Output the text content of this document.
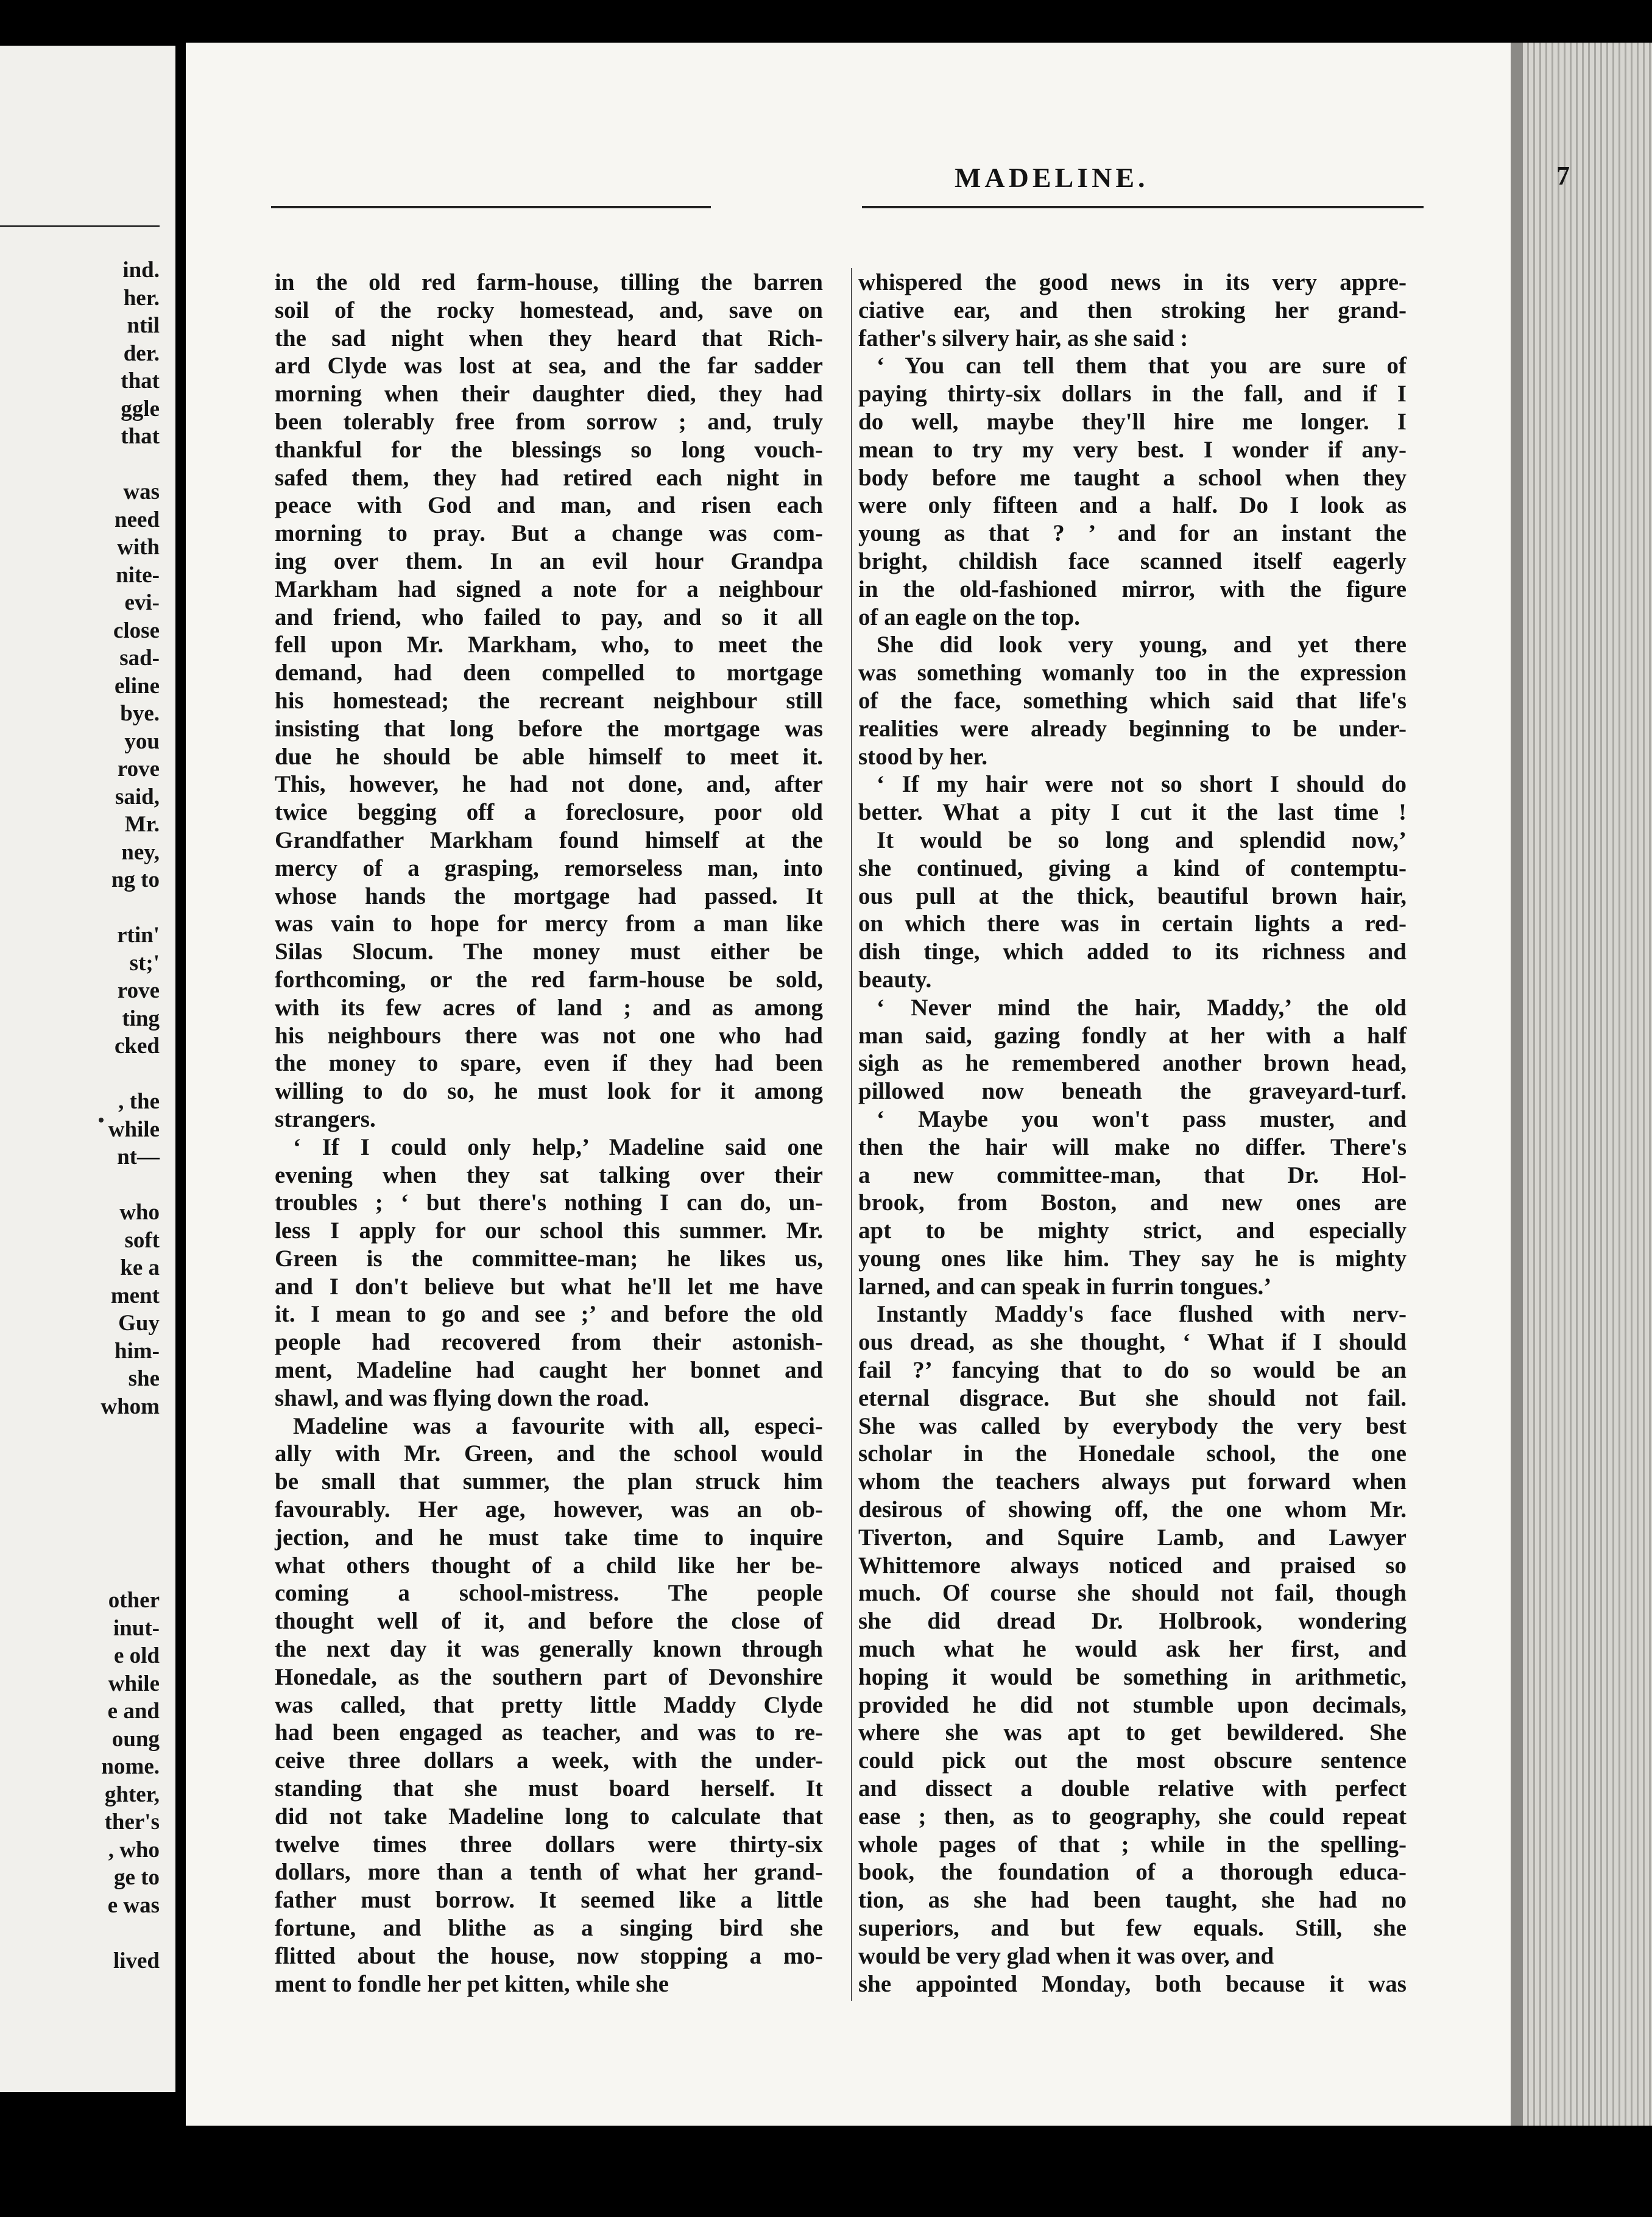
ind.
her.
ntil
der.
that
ggle
that
was
need
with
nite-
evi-
close
sad-
eline
bye.
you
rove
said,
Mr.
ney,
ng to
rtin'
st;'
rove
ting
cked
, the
while
nt—
who
soft
ke a
ment
Guy
him-
she
whom
other
inut-
e old
while
e and
oung
nome.
ghter,
ther's
, who
ge to
e was
lived
MADELINE.	7
in the old red farm-house, tilling the barren
soil of the rocky homestead, and, save on
the sad night when they heard that Rich-
ard Clyde was lost at sea, and the far sadder
morning when their daughter died, they had
been tolerably free from sorrow ; and, truly
thankful for the blessings so long vouch-
safed them, they had retired each night in
peace with God and man, and risen each
morning to pray. But a change was com-
ing over them. In an evil hour Grandpa
Markham had signed a note for a neighbour
and friend, who failed to pay, and so it all
fell upon Mr. Markham, who, to meet the
demand, had deen compelled to mortgage
his homestead; the recreant neighbour still
insisting that long before the mortgage was
due he should be able himself to meet it.
This, however, he had not done, and, after
twice begging off a foreclosure, poor old
Grandfather Markham found himself at the
mercy of a grasping, remorseless man, into
whose hands the mortgage had passed. It
was vain to hope for mercy from a man like
Silas Slocum. The money must either be
forthcoming, or the red farm-house be sold,
with its few acres of land ; and as among
his neighbours there was not one who had
the money to spare, even if they had been
willing to do so, he must look for it among
strangers.
‘ If I could only help,’ Madeline said one
evening when they sat talking over their
troubles ; ‘ but there's nothing I can do, un-
less I apply for our school this summer. Mr.
Green is the committee-man; he likes us,
and I don't believe but what he'll let me have
it. I mean to go and see ;’ and before the old
people had recovered from their astonish-
ment, Madeline had caught her bonnet and
shawl, and was flying down the road.
Madeline was a favourite with all, especi-
ally with Mr. Green, and the school would
be small that summer, the plan struck him
favourably. Her age, however, was an ob-
jection, and he must take time to inquire
what others thought of a child like her be-
coming a school-mistress. The people
thought well of it, and before the close of
the next day it was generally known through
Honedale, as the southern part of Devonshire
was called, that pretty little Maddy Clyde
had been engaged as teacher, and was to re-
ceive three dollars a week, with the under-
standing that she must board herself. It
did not take Madeline long to calculate that
twelve times three dollars were thirty-six
dollars, more than a tenth of what her grand-
father must borrow. It seemed like a little
fortune, and blithe as a singing bird she
flitted about the house, now stopping a mo-
ment to fondle her pet kitten, while she
whispered the good news in its very appre-
ciative ear, and then stroking her grand-
father's silvery hair, as she said :
‘ You can tell them that you are sure of
paying thirty-six dollars in the fall, and if I
do well, maybe they'll hire me longer. I
mean to try my very best. I wonder if any-
body before me taught a school when they
were only fifteen and a half. Do I look as
young as that ? ’ and for an instant the
bright, childish face scanned itself eagerly
in the old-fashioned mirror, with the figure
of an eagle on the top.
She did look very young, and yet there
was something womanly too in the expression
of the face, something which said that life's
realities were already beginning to be under-
stood by her.
‘ If my hair were not so short I should do
better. What a pity I cut it the last time !
It would be so long and splendid now,’
she continued, giving a kind of contemptu-
ous pull at the thick, beautiful brown hair,
on which there was in certain lights a red-
dish tinge, which added to its richness and
beauty.
‘ Never mind the hair, Maddy,’ the old
man said, gazing fondly at her with a half
sigh as he remembered another brown head,
pillowed now beneath the graveyard-turf.
‘ Maybe you won't pass muster, and
then the hair will make no differ. There's
a new committee-man, that Dr. Hol-
brook, from Boston, and new ones are
apt to be mighty strict, and especially
young ones like him. They say he is mighty
larned, and can speak in furrin tongues.’
Instantly Maddy's face flushed with nerv-
ous dread, as she thought, ‘ What if I should
fail ?’ fancying that to do so would be an
eternal disgrace. But she should not fail.
She was called by everybody the very best
scholar in the Honedale school, the one
whom the teachers always put forward when
desirous of showing off, the one whom Mr.
Tiverton, and Squire Lamb, and Lawyer
Whittemore always noticed and praised so
much. Of course she should not fail, though
she did dread Dr. Holbrook, wondering
much what he would ask her first, and
hoping it would be something in arithmetic,
provided he did not stumble upon decimals,
where she was apt to get bewildered. She
could pick out the most obscure sentence
and dissect a double relative with perfect
ease ; then, as to geography, she could repeat
whole pages of that ; while in the spelling-
book, the foundation of a thorough educa-
tion, as she had been taught, she had no
superiors, and but few equals. Still, she
would be very glad when it was over, and
she appointed Monday, both because it was
